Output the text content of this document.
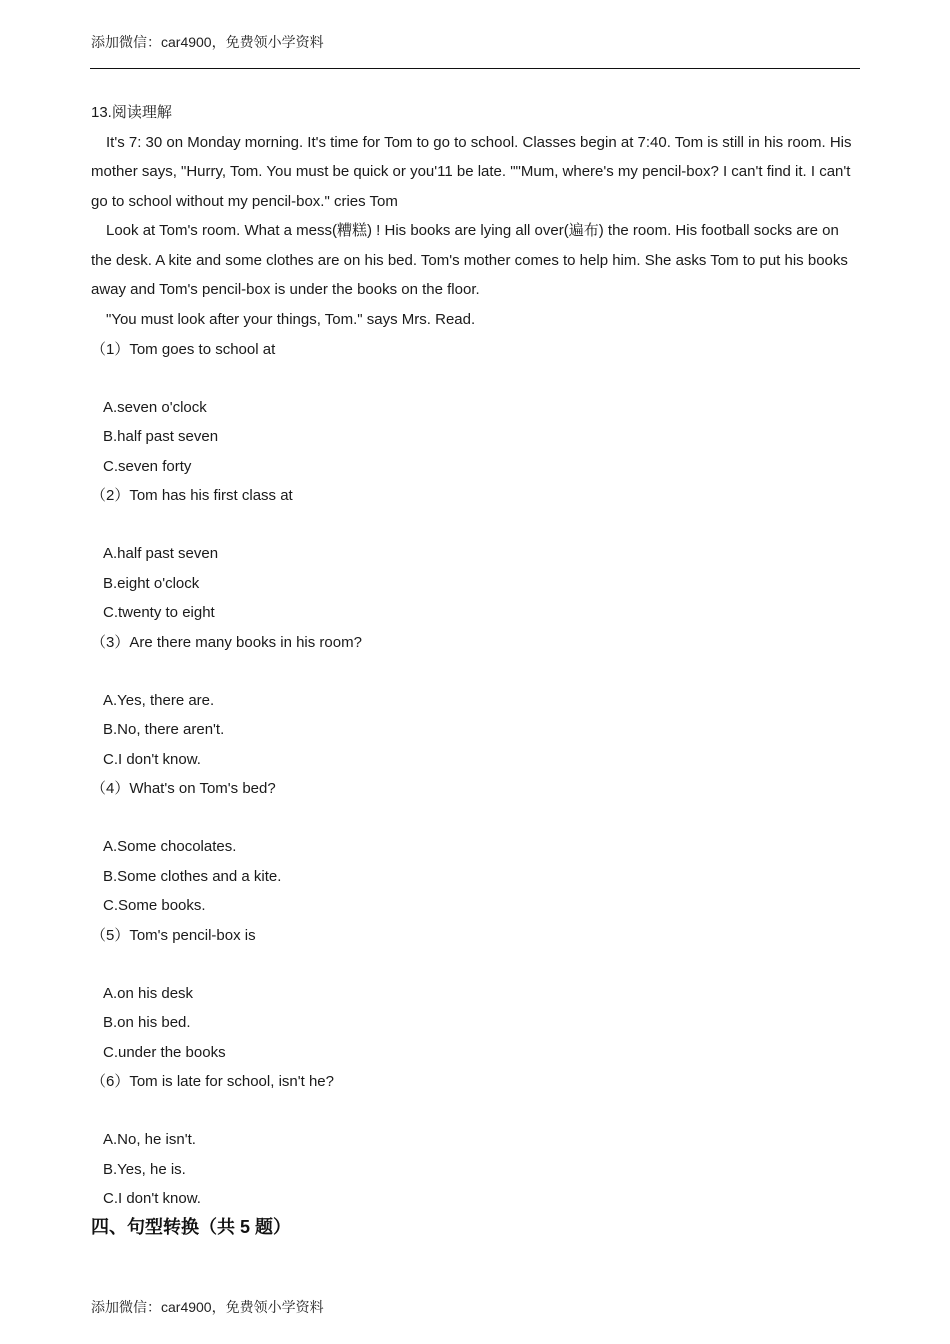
添加微信：car4900，免费领小学资料
13.阅读理解

It's 7: 30 on Monday morning. It's time for Tom to go to school. Classes begin at 7:40. Tom is still in his room. His mother says, "Hurry, Tom. You must be quick or you'11 be late. ""Mum, where's my pencil-box? I can't find it. I can't go to school without my pencil-box." cries Tom

Look at Tom's room. What a mess(糟糕) ! His books are lying all over(遍布) the room. His football socks are on the desk. A kite and some clothes are on his bed. Tom's mother comes to help him. She asks Tom to put his books away and Tom's pencil-box is under the books on the floor.

"You must look after your things, Tom." says Mrs. Read.

（1）Tom goes to school at
A.seven o'clock
B.half past seven
C.seven forty
（2）Tom has his first class at
A.half past seven
B.eight o'clock
C.twenty to eight
（3）Are there many books in his room?
A.Yes, there are.
B.No, there aren't.
C.I don't know.
（4）What's on Tom's bed?
A.Some chocolates.
B.Some clothes and a kite.
C.Some books.
（5）Tom's pencil-box is
A.on his desk
B.on his bed.
C.under the books
（6）Tom is late for school, isn't he?
A.No, he isn't.
B.Yes, he is.
C.I don't know.
四、句型转换（共 5 题）
添加微信：car4900，免费领小学资料
